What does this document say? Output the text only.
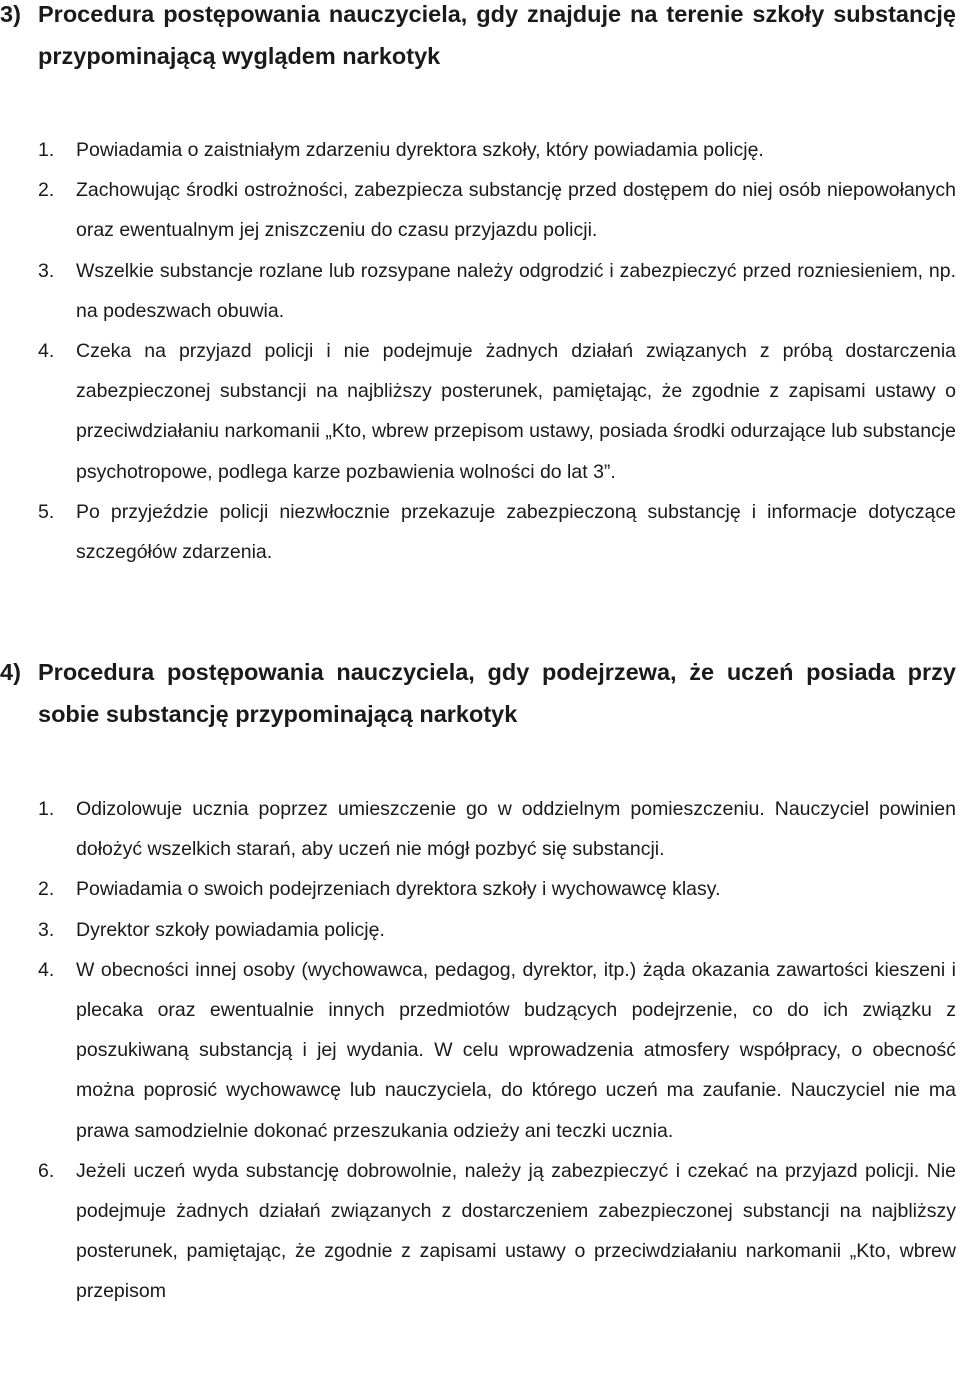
3) Procedura postępowania nauczyciela, gdy znajduje na terenie szkoły substancję przypominającą wyglądem narkotyk
1. Powiadamia o zaistniałym zdarzeniu dyrektora szkoły, który powiadamia policję.
2. Zachowując środki ostrożności, zabezpiecza substancję przed dostępem do niej osób niepowołanych oraz ewentualnym jej zniszczeniu do czasu przyjazdu policji.
3. Wszelkie substancje rozlane lub rozsypane należy odgrodzić i zabezpieczyć przed rozniesieniem, np. na podeszwach obuwia.
4. Czeka na przyjazd policji i nie podejmuje żadnych działań związanych z próbą dostarczenia zabezpieczonej substancji na najbliższy posterunek, pamiętając, że zgodnie z zapisami ustawy o przeciwdziałaniu narkomanii „Kto, wbrew przepisom ustawy, posiada środki odurzające lub substancje psychotropowe, podlega karze pozbawienia wolności do lat 3”.
5. Po przyjeździe policji niezwłocznie przekazuje zabezpieczoną substancję i informacje dotyczące szczegółów zdarzenia.
4) Procedura postępowania nauczyciela, gdy podejrzewa, że uczeń posiada przy sobie substancję przypominającą narkotyk
1. Odizolowuje ucznia poprzez umieszczenie go w oddzielnym pomieszczeniu. Nauczyciel powinien dołożyć wszelkich starań, aby uczeń nie mógł pozbyć się substancji.
2. Powiadamia o swoich podejrzeniach dyrektora szkoły i wychowawcę klasy.
3. Dyrektor szkoły powiadamia policję.
4. W obecności innej osoby (wychowawca, pedagog, dyrektor, itp.) żąda okazania zawartości kieszeni i plecaka oraz ewentualnie innych przedmiotów budzących podejrzenie, co do ich związku z poszukiwaną substancją i jej wydania. W celu wprowadzenia atmosfery współpracy, o obecność można poprosić wychowawcę lub nauczyciela, do którego uczeń ma zaufanie. Nauczyciel nie ma prawa samodzielnie dokonać przeszukania odzieży ani teczki ucznia.
6. Jeżeli uczeń wyda substancję dobrowolnie, należy ją zabezpieczyć i czekać na przyjazd policji. Nie podejmuje żadnych działań związanych z dostarczeniem zabezpieczonej substancji na najbliższy posterunek, pamiętając, że zgodnie z zapisami ustawy o przeciwdziałaniu narkomanii „Kto, wbrew przepisom
